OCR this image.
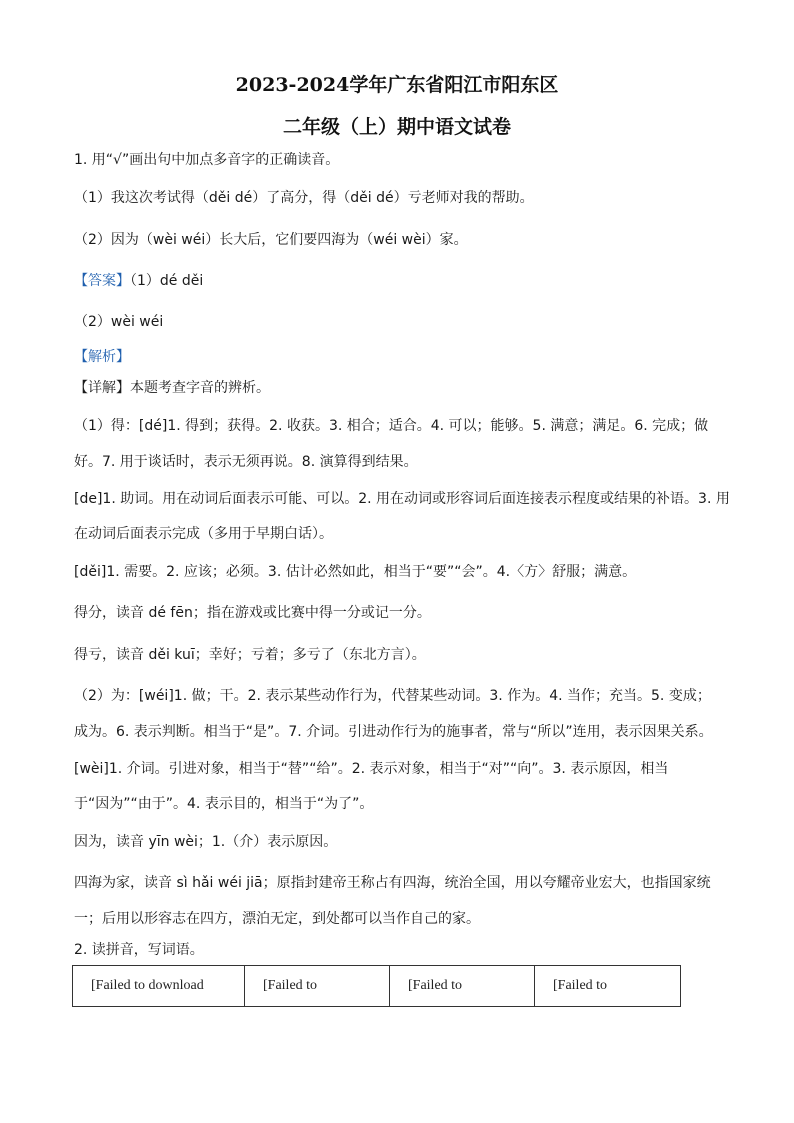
2023-2024学年广东省阳江市阳东区
二年级（上）期中语文试卷
1. 用“√”画出句中加点多音字的正确读音。
（1）我这次考试得（děi dé）了高分，得（děi dé）亏老师对我的帮助。
（2）因为（wèi wéi）长大后，它们要四海为（wéi wèi）家。
【答案】（1）dé děi
（2）wèi wéi
【解析】
【详解】本题考查字音的辨析。
（1）得：[dé]1. 得到；获得。2. 收获。3. 相合；适合。4. 可以；能够。5. 满意；满足。6. 完成；做
好。7. 用于谈话时，表示无须再说。8. 演算得到结果。
[de]1. 助词。用在动词后面表示可能、可以。2. 用在动词或形容词后面连接表示程度或结果的补语。3. 用
在动词后面表示完成（多用于早期白话）。
[děi]1. 需要。2. 应该；必须。3. 估计必然如此，相当于“要”“会”。4.〈方〉舒服；满意。
得分，读音 dé fēn；指在游戏或比赛中得一分或记一分。
得亏，读音 děi kuī；幸好；亏着；多亏了（东北方言）。
（2）为：[wéi]1. 做；干。2. 表示某些动作行为，代替某些动词。3. 作为。4. 当作；充当。5. 变成；
成为。6. 表示判断。相当于“是”。7. 介词。引进动作行为的施事者，常与“所以”连用，表示因果关系。
[wèi]1. 介词。引进对象，相当于“替”“给”。2. 表示对象，相当于“对”“向”。3. 表示原因，相当
于“因为”“由于”。4. 表示目的，相当于“为了”。
因为，读音 yīn wèi；1.（介）表示原因。
四海为家，读音 sì hǎi wéi jiā；原指封建帝王称占有四海，统治全国，用以夸耀帝业宏大，也指国家统
一；后用以形容志在四方，漂泊无定，到处都可以当作自己的家。
2. 读拼音，写词语。
[Failed to download	[Failed to	[Failed to	[Failed to
